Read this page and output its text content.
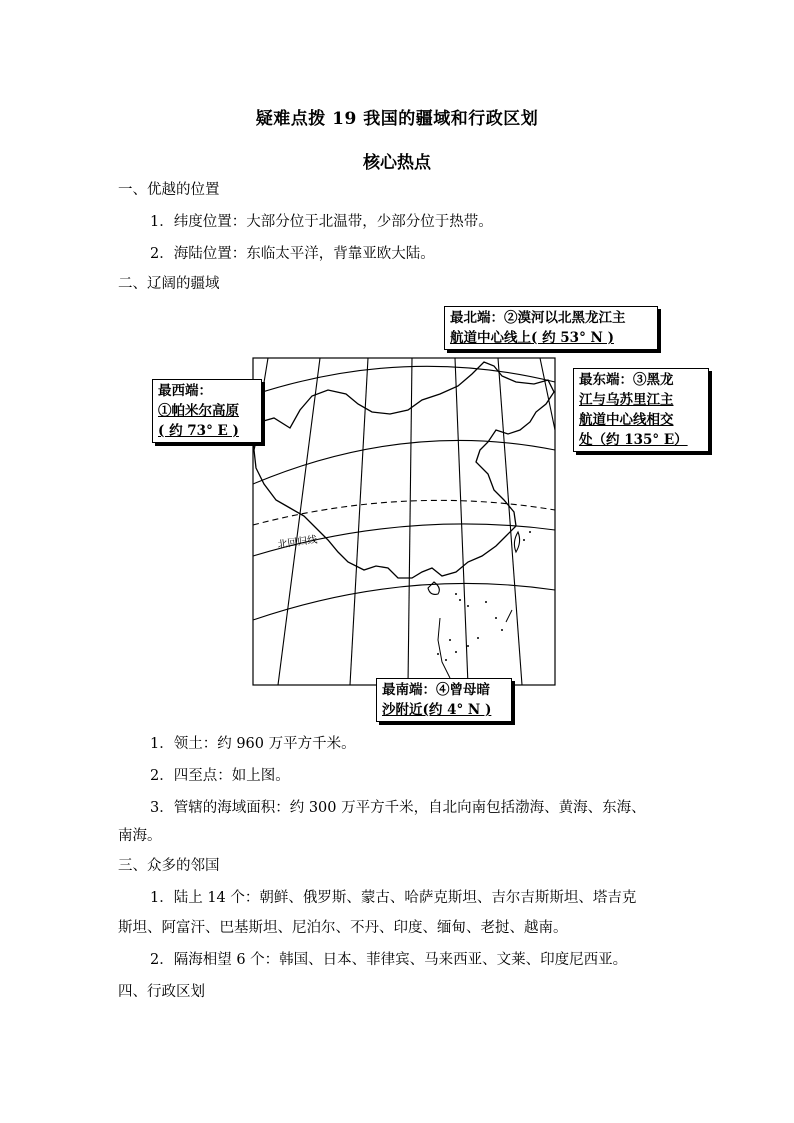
疑难点拨 19 我国的疆域和行政区划
核心热点
一、优越的位置
1．纬度位置：大部分位于北温带，少部分位于热带。
2．海陆位置：东临太平洋，背靠亚欧大陆。
二、辽阔的疆域
北回归线
最北端：②漠河以北黑龙江主
航道中心线上( 约 53° N )
最西端：
①帕米尔高原
( 约 73° E )
最东端：③黑龙
江与乌苏里江主
航道中心线相交
处（约 135° E）
最南端：④曾母暗
沙附近(约 4° N )
1．领土：约 960 万平方千米。
2．四至点：如上图。
3．管辖的海域面积：约 300 万平方千米，自北向南包括渤海、黄海、东海、
南海。
三、众多的邻国
1．陆上 14 个：朝鲜、俄罗斯、蒙古、哈萨克斯坦、吉尔吉斯斯坦、塔吉克
斯坦、阿富汗、巴基斯坦、尼泊尔、不丹、印度、缅甸、老挝、越南。
2．隔海相望 6 个：韩国、日本、菲律宾、马来西亚、文莱、印度尼西亚。
四、行政区划
